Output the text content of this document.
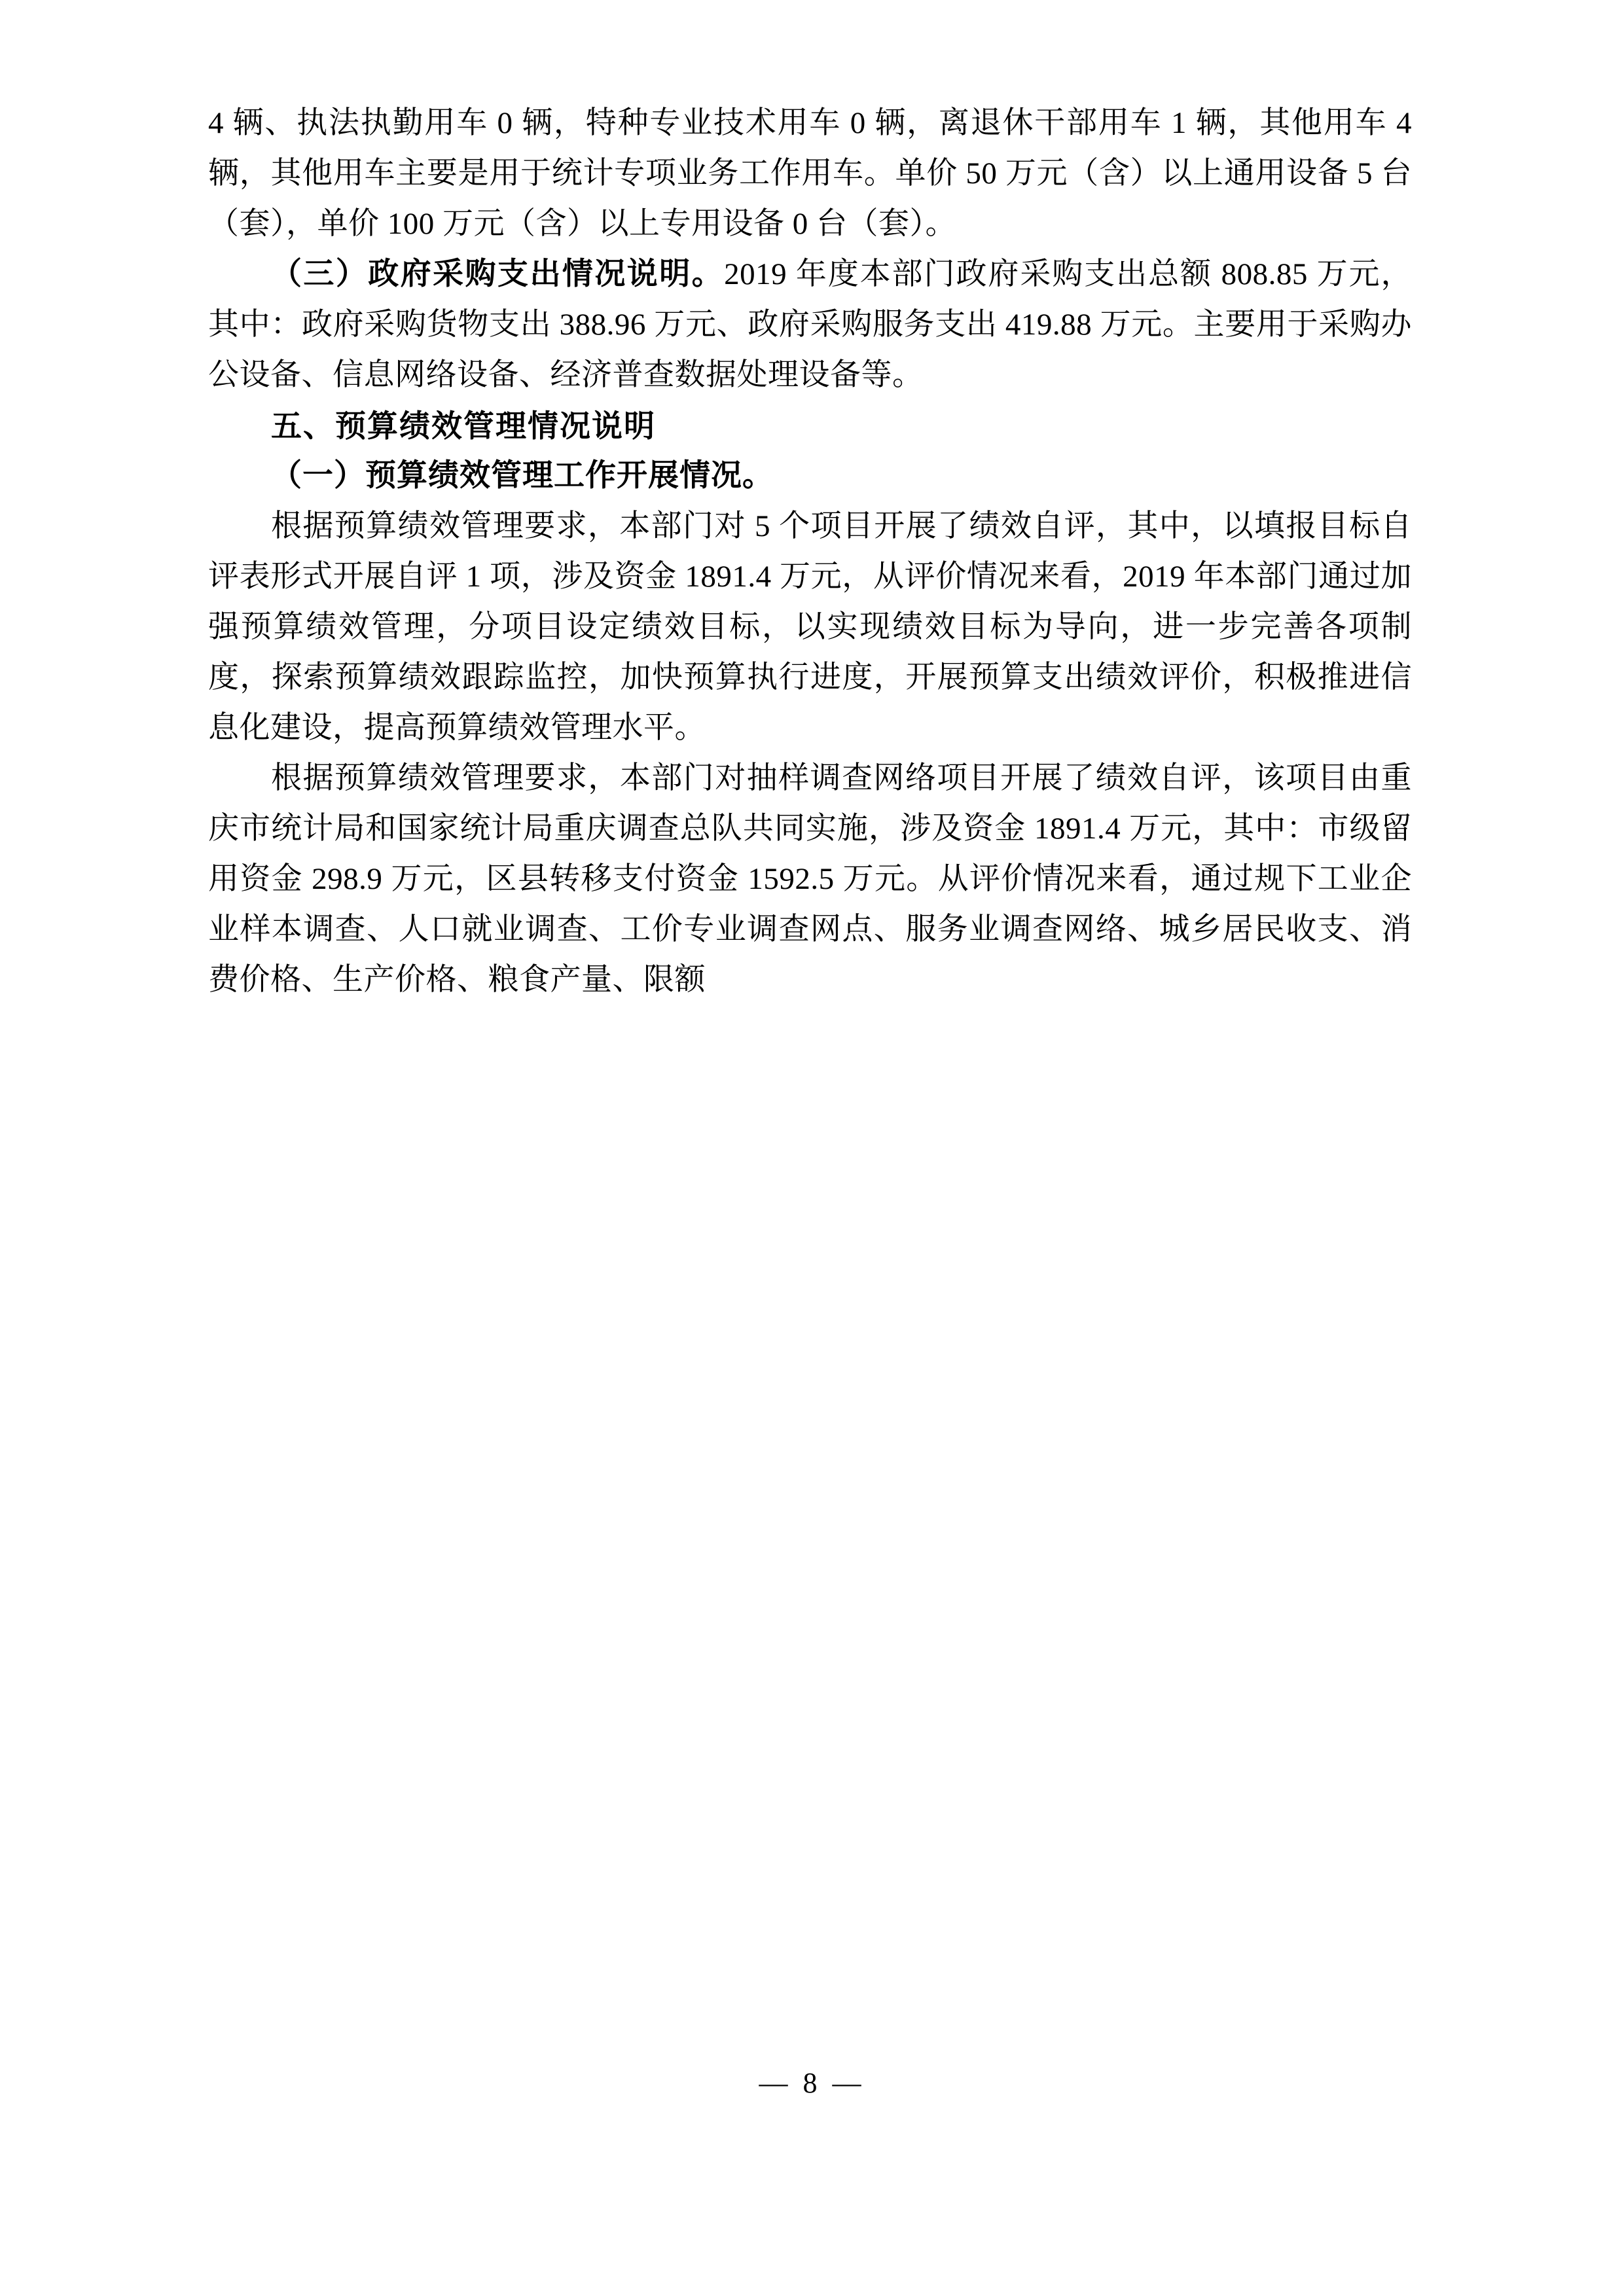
4 辆、执法执勤用车 0 辆，特种专业技术用车 0 辆，离退休干部用车 1 辆，其他用车 4 辆，其他用车主要是用于统计专项业务工作用车。单价 50 万元（含）以上通用设备 5 台（套），单价 100 万元（含）以上专用设备 0 台（套）。

（三）政府采购支出情况说明。2019 年度本部门政府采购支出总额 808.85 万元，其中：政府采购货物支出 388.96 万元、政府采购服务支出 419.88 万元。主要用于采购办公设备、信息网络设备、经济普查数据处理设备等。

五、预算绩效管理情况说明

（一）预算绩效管理工作开展情况。

根据预算绩效管理要求，本部门对 5 个项目开展了绩效自评，其中，以填报目标自评表形式开展自评 1 项，涉及资金 1891.4 万元，从评价情况来看，2019 年本部门通过加强预算绩效管理，分项目设定绩效目标，以实现绩效目标为导向，进一步完善各项制度，探索预算绩效跟踪监控，加快预算执行进度，开展预算支出绩效评价，积极推进信息化建设，提高预算绩效管理水平。

根据预算绩效管理要求，本部门对抽样调查网络项目开展了绩效自评，该项目由重庆市统计局和国家统计局重庆调查总队共同实施，涉及资金 1891.4 万元，其中：市级留用资金 298.9 万元，区县转移支付资金 1592.5 万元。从评价情况来看，通过规下工业企业样本调查、人口就业调查、工价专业调查网点、服务业调查网络、城乡居民收支、消费价格、生产价格、粮食产量、限额

— 8 —
